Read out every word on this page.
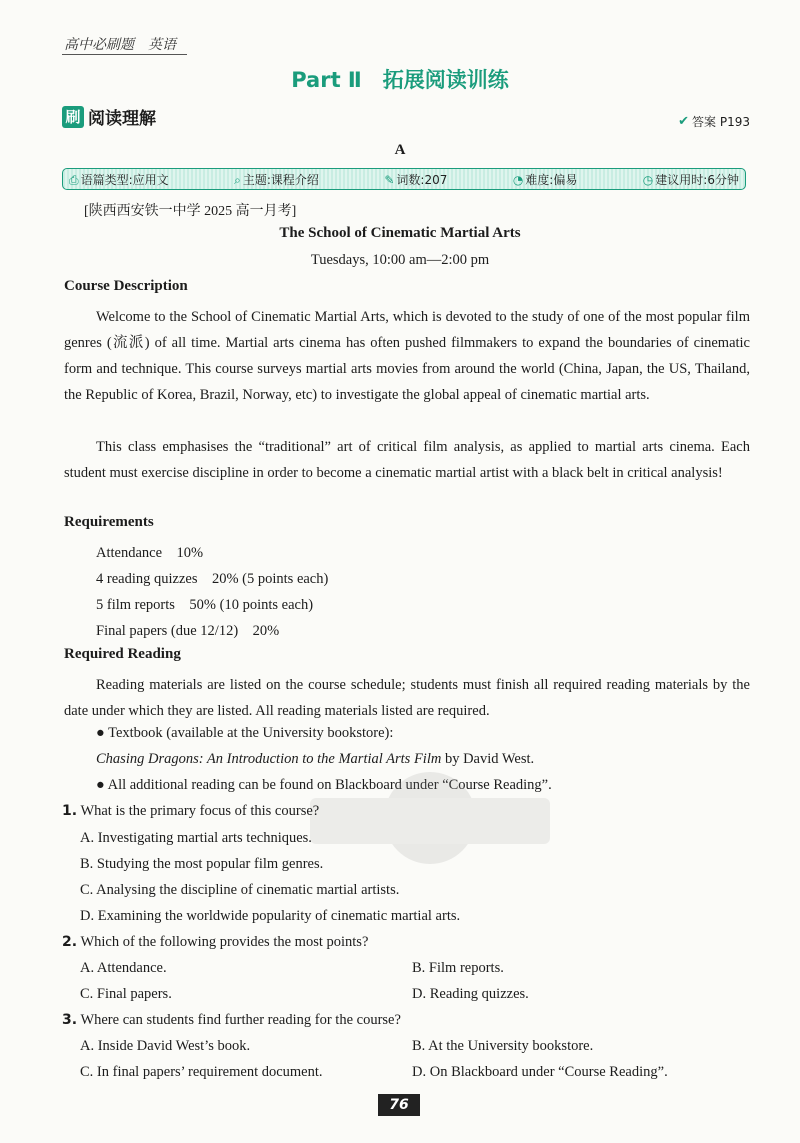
高中必刷题　英语
Part Ⅱ　拓展阅读训练
刷 阅读理解	✔ 答案 P193
A
⎙ 语篇类型:应用文	⌕ 主题:课程介绍	✎ 词数:207	◔ 难度:偏易	◷ 建议用时:6分钟
[陕西西安铁一中学 2025 高一月考]
The School of Cinematic Martial Arts
Tuesdays, 10:00 am—2:00 pm
Course Description
Welcome to the School of Cinematic Martial Arts, which is devoted to the study of one of the most popular film genres (流派) of all time. Martial arts cinema has often pushed filmmakers to expand the boundaries of cinematic form and technique. This course surveys martial arts movies from around the world (China, Japan, the US, Thailand, the Republic of Korea, Brazil, Norway, etc) to investigate the global appeal of cinematic martial arts.
This class emphasises the “traditional” art of critical film analysis, as applied to martial arts cinema. Each student must exercise discipline in order to become a cinematic martial artist with a black belt in critical analysis!
Requirements
Attendance　10%
4 reading quizzes　20% (5 points each)
5 film reports　50% (10 points each)
Final papers (due 12/12)　20%
Required Reading
Reading materials are listed on the course schedule; students must finish all required reading materials by the date under which they are listed. All reading materials listed are required.
● Textbook (available at the University bookstore):
Chasing Dragons: An Introduction to the Martial Arts Film by David West.
● All additional reading can be found on Blackboard under “Course Reading”.
1. What is the primary focus of this course?
A. Investigating martial arts techniques.
B. Studying the most popular film genres.
C. Analysing the discipline of cinematic martial artists.
D. Examining the worldwide popularity of cinematic martial arts.
2. Which of the following provides the most points?
A. Attendance.	B. Film reports.
C. Final papers.	D. Reading quizzes.
3. Where can students find further reading for the course?
A. Inside David West’s book.	B. At the University bookstore.
C. In final papers’ requirement document.	D. On Blackboard under “Course Reading”.
76
